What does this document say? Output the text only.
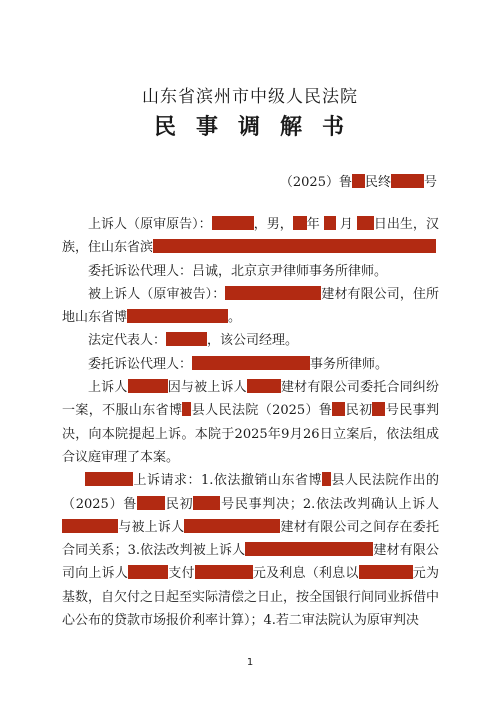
山东省滨州市中级人民法院
民事调解书
（2025）鲁 民终	号

上诉人（原审原告）：	，男， 年 月 日出生，汉族，住山东省滨

委托诉讼代理人：吕诚，北京京尹律师事务所律师。

被上诉人（原审被告）：	建材有限公司，住所地山东省博	。

法定代表人：	，该公司经理。

委托诉讼代理人：	事务所律师。

上诉人	因与被上诉人	建材有限公司委托合同纠纷一案，不服山东省博 县人民法院（2025）鲁 民初 号民事判决，向本院提起上诉。本院于2025年9月26日立案后，依法组成合议庭审理了本案。

上诉请求：1.依法撤销山东省博 县人民法院作出的（2025）鲁 民初 号民事判决；2.依法改判确认上诉人与被上诉人	建材有限公司之间存在委托合同关系；3.依法改判被上诉人	建材有限公司向上诉人	支付	元及利息（利息以	元为基数，自欠付之日起至实际清偿之日止，按全国银行间同业拆借中心公布的贷款市场报价利率计算）；4.若二审法院认为原审判决

1
